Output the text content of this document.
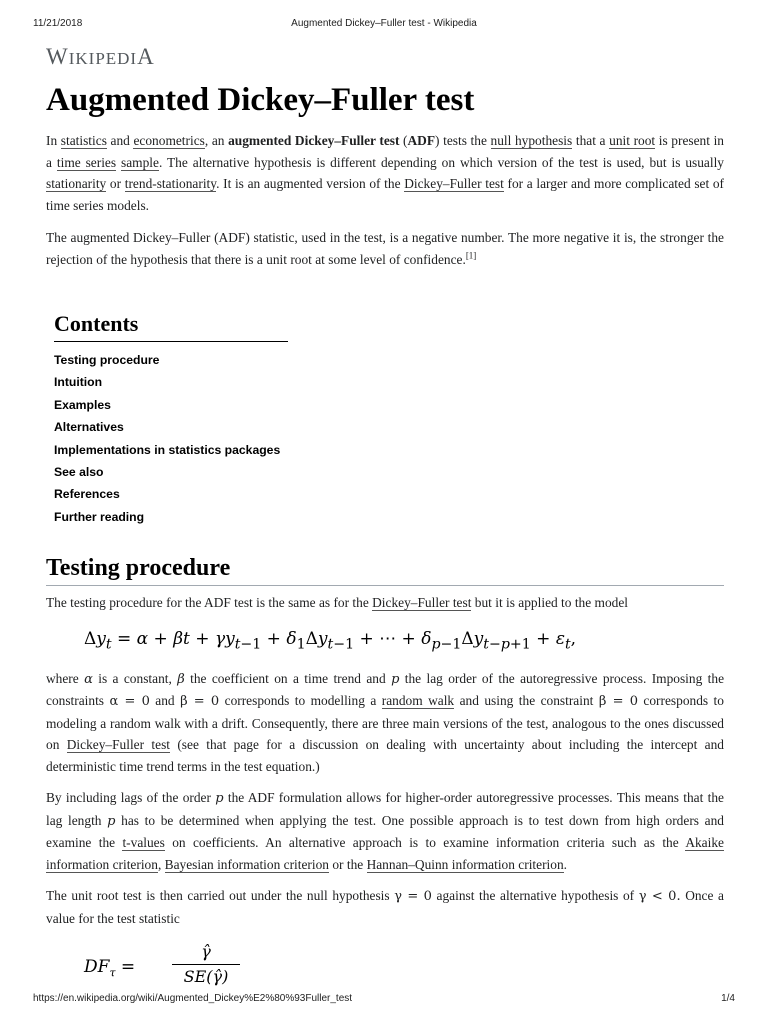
11/21/2018	Augmented Dickey–Fuller test - Wikipedia
WIKIPEDIA
Augmented Dickey–Fuller test

In statistics and econometrics, an augmented Dickey–Fuller test (ADF) tests the null hypothesis that a unit root is present in a time series sample. The alternative hypothesis is different depending on which version of the test is used, but is usually stationarity or trend-stationarity. It is an augmented version of the Dickey–Fuller test for a larger and more complicated set of time series models.

The augmented Dickey–Fuller (ADF) statistic, used in the test, is a negative number. The more negative it is, the stronger the rejection of the hypothesis that there is a unit root at some level of confidence.[1]

Contents
Testing procedure
Intuition
Examples
Alternatives
Implementations in statistics packages
See also
References
Further reading
Testing procedure

The testing procedure for the ADF test is the same as for the Dickey–Fuller test but it is applied to the model

$\Delta y_t = \alpha + \beta t + \gamma y_{t-1} + \delta_1\Delta y_{t-1}$ + ⋯ + $\delta_{p-1}\Delta y_{t-p+1} + \varepsilon_t$,

where α is a constant, β the coefficient on a time trend and p the lag order of the autoregressive process. Imposing the constraints α = 0 and β = 0 corresponds to modelling a random walk and using the constraint β = 0 corresponds to modeling a random walk with a drift. Consequently, there are three main versions of the test, analogous to the ones discussed on Dickey–Fuller test (see that page for a discussion on dealing with uncertainty about including the intercept and deterministic time trend terms in the test equation.)

By including lags of the order p the ADF formulation allows for higher-order autoregressive processes. This means that the lag length p has to be determined when applying the test. One possible approach is to test down from high orders and examine the t-values on coefficients. An alternative approach is to examine information criteria such as the Akaike information criterion, Bayesian information criterion or the Hannan–Quinn information criterion.

The unit root test is then carried out under the null hypothesis γ = 0 against the alternative hypothesis of γ < 0. Once a value for the test statistic

$DF_\tau$ =
γ̂
SE(γ̂)
https://en.wikipedia.org/wiki/Augmented_Dickey%E2%80%93Fuller_test	1/4
